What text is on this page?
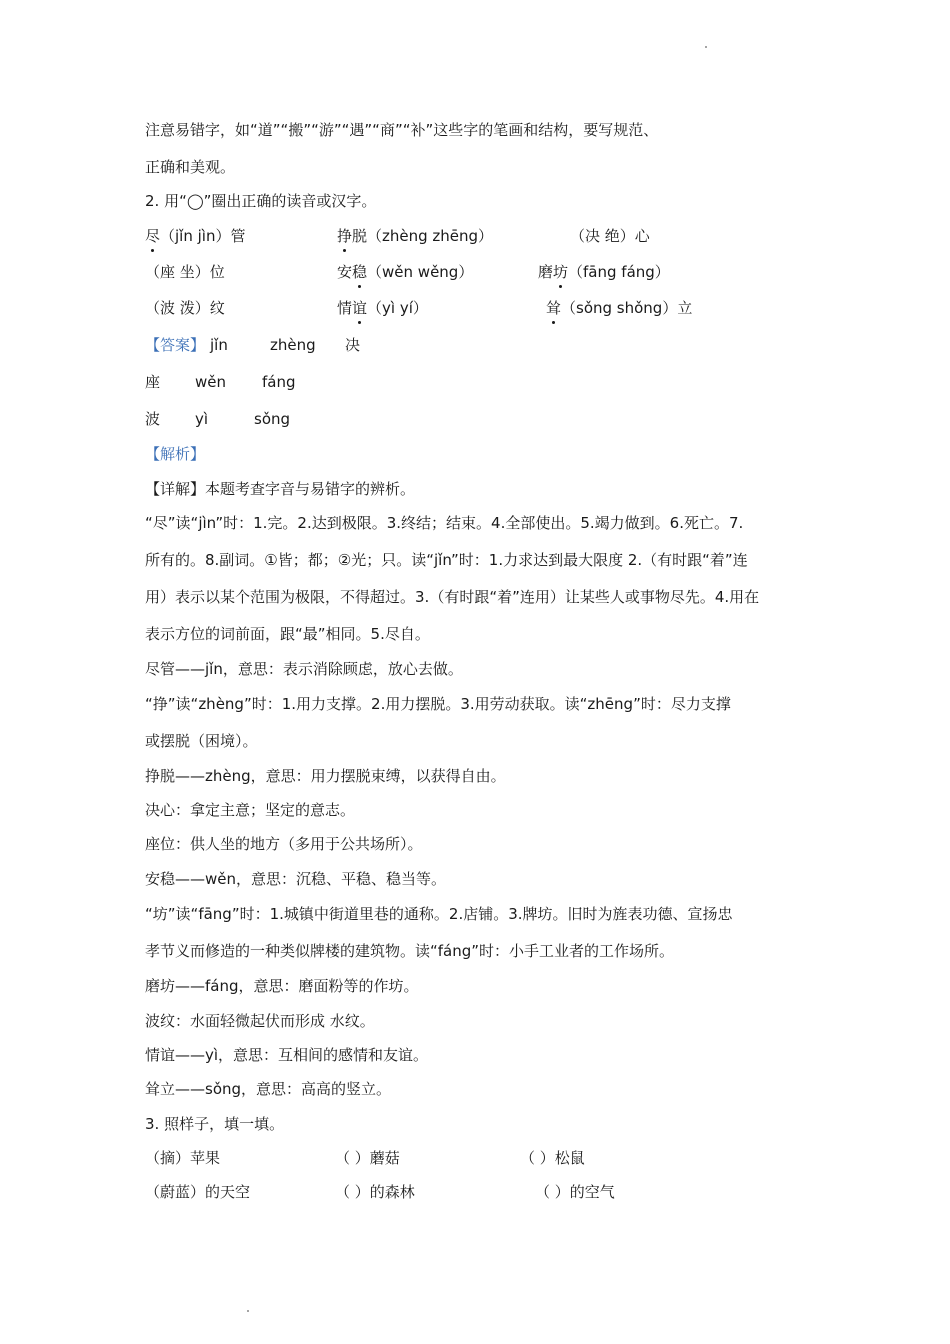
注意易错字，如“道”“搬”“游”“遇”“商”“补”这些字的笔画和结构，要写规范、
正确和美观。
2. 用“◯”圈出正确的读音或汉字。
尽（jǐn jìn）管	挣脱（zhèng zhēng）	（决 绝）心
（座 坐）位	安稳（wěn wěng）	磨坊（fāng fáng）
（波 泼）纹	情谊（yì yí）	耸（sǒng shǒng）立
【答案】 jǐn	zhèng 决
座 wěn fáng
波 yì	sǒng
【解析】
【详解】本题考查字音与易错字的辨析。
“尽”读“jìn”时：1.完。2.达到极限。3.终结；结束。4.全部使出。5.竭力做到。6.死亡。7.
所有的。8.副词。①皆；都；②光；只。读“jǐn”时：1.力求达到最大限度 2.（有时跟“着”连
用）表示以某个范围为极限，不得超过。3.（有时跟“着”连用）让某些人或事物尽先。4.用在
表示方位的词前面，跟“最”相同。5.尽自。
尽管——jǐn，意思：表示消除顾虑，放心去做。
“挣”读“zhèng”时：1.用力支撑。2.用力摆脱。3.用劳动获取。读“zhēng”时：尽力支撑
或摆脱（困境）。
挣脱——zhèng，意思：用力摆脱束缚，以获得自由。
决心：拿定主意；坚定的意志。
座位：供人坐的地方（多用于公共场所）。
安稳——wěn，意思：沉稳、平稳、稳当等。
“坊”读“fāng”时：1.城镇中街道里巷的通称。2.店铺。3.牌坊。旧时为旌表功德、宣扬忠
孝节义而修造的一种类似牌楼的建筑物。读“fáng”时：小手工业者的工作场所。
磨坊——fáng，意思：磨面粉等的作坊。
波纹：水面轻微起伏而形成 水纹。
情谊——yì，意思：互相间的感情和友谊。
耸立——sǒng，意思：高高的竖立。
3. 照样子，填一填。
（摘）苹果	（ ）蘑菇	（ ）松鼠
（蔚蓝）的天空	（ ）的森林	（ ）的空气
